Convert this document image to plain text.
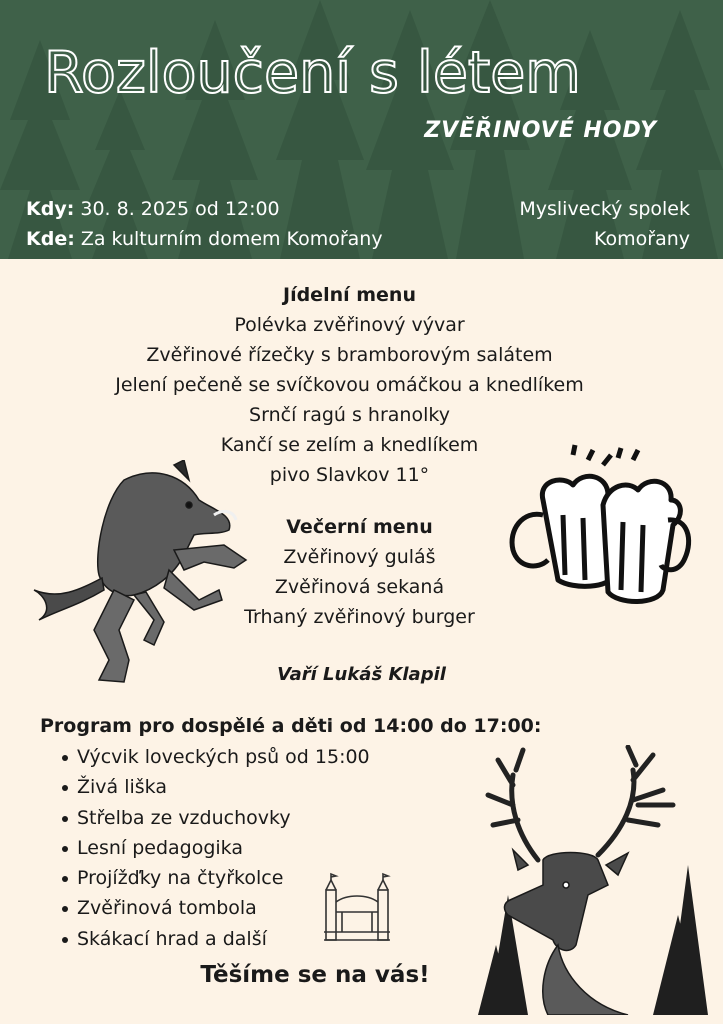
Rozloučení s létem
ZVĚŘINOVÉ HODY
Kdy: 30. 8. 2025 od 12:00
Kde: Za kulturním domem Komořany
Myslivecký spolek
Komořany
Jídelní menu
Polévka zvěřinový vývar
Zvěřinové řízečky s bramborovým salátem
Jelení pečeně se svíčkovou omáčkou a knedlíkem
Srnčí ragú s hranolky
Kančí se zelím a knedlíkem
pivo Slavkov 11°
Večerní menu
Zvěřinový guláš
Zvěřinová sekaná
Trhaný zvěřinový burger
Vaří Lukáš Klapil
Program pro dospělé a děti od 14:00 do 17:00:
Výcvik loveckých psů od 15:00
Živá liška
Střelba ze vzduchovky
Lesní pedagogika
Projížďky na čtyřkolce
Zvěřinová tombola
Skákací hrad a další
Těšíme se na vás!
